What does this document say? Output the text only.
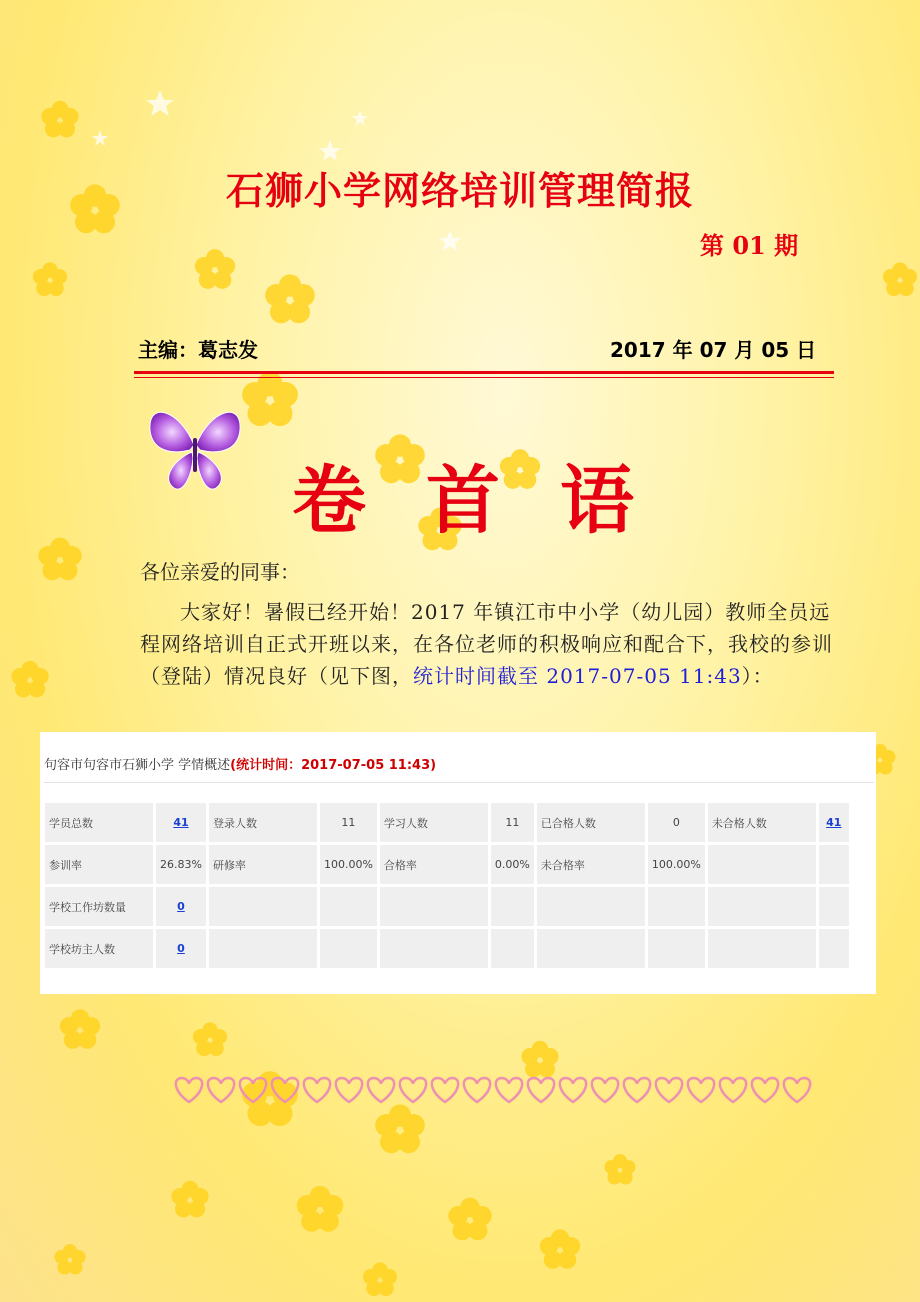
石狮小学网络培训管理简报
第 01 期
主编：葛志发	2017 年 07 月 05 日
卷首语
各位亲爱的同事：
大家好！暑假已经开始！2017 年镇江市中小学（幼儿园）教师全员远程网络培训自正式开班以来，在各位老师的积极响应和配合下，我校的参训（登陆）情况良好（见下图，统计时间截至 2017-07-05 11:43）：
句容市句容市石狮小学 学情概述(统计时间：2017-07-05 11:43)
学员总数	41	登录人数	11	学习人数	11	已合格人数	0	未合格人数	41
参训率	26.83%	研修率	100.00%	合格率	0.00%	未合格率	100.00%		
学校工作坊数量	0								
学校坊主人数	0								
